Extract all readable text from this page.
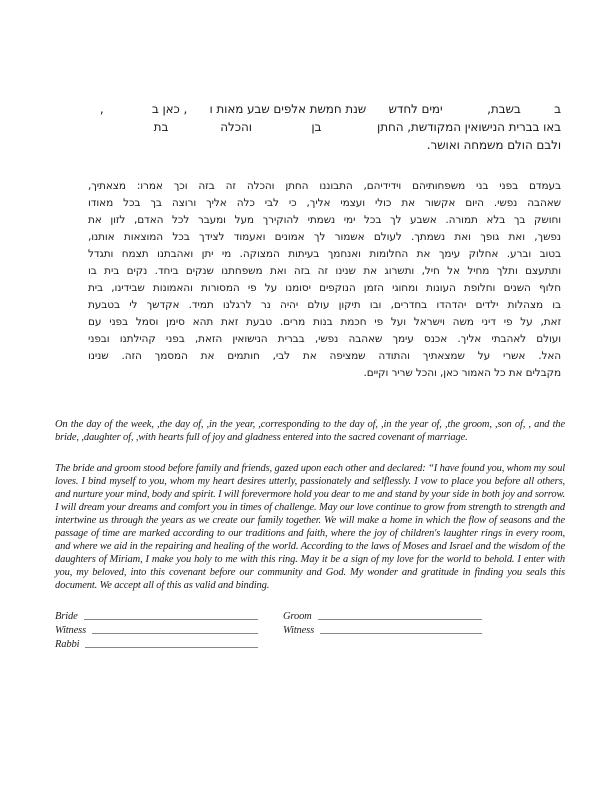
ב         בשבת,            ימים לחדש      שנת חמשת אלפים שבע מאות ו      , כאן ב             ,
באו בברית הנישואין המקודשת, החתן               בן                והכלה              בת
ולבם הולם משמחה ואושר.
בעמדם בפני בני משפחותיהם וידידיהם, התבוננו החתן והכלה זה בזה וכך אמרו: מצאתיך,
שאהבה נפשי. היום אקשור את כולי ועצמי אליך, כי לבי כלה אליך ורוצה בך בכל מאודו
וחושק בך בלא תמורה. אשבע לך בכל ימי נשמתי להוקירך מעל ומעבר לכל האדם, לזון את
נפשך, ואת גופך ואת נשמתך. לעולם אשמור לך אמונים ואעמוד לצידך בכל המוצאות אותנו,
בטוב וברע. אחלוק עימך את החלומות ואנחמך בעיתות המצוקה. מי יתן ואהבתנו תצמח ותגדל
ותתעצם ותלך מחיל אל חיל, ותשרוג את שנינו זה בזה ואת משפחתנו שנקים ביחד. נקים בית בו
חלוף השנים וחלופת העונות ומחוגי הזמן הנוקפים יסומנו על פי המסורות והאמונות שבידינו, בית
בו מצהלות ילדים יהדהדו בחדרים, ובו תיקון עולם יהיה נר לרגלנו תמיד. אקדשך לי בטבעת
זאת, על פי דיני משה וישראל ועל פי חכמת בנות מרים. טבעת זאת תהא סימן וסמל בפני עם
ועולם לאהבתי אליך. אכנס עימך שאהבה נפשי, בברית הנישואין הזאת, בפני קהילתנו ובפני
האל. אשרי על שמצאתיך והתודה שמציפה את לבי, חותמים את המסמך הזה. שנינו
מקבלים את כל האמור כאן, והכל שריר וקיים.
On the day of the week, ,the day of, ,in the year, ,corresponding to the day of, ,in the year of, ,the groom, ,son of, , and the bride, ,daughter of, ,with hearts full of joy and gladness entered into the sacred covenant of marriage.
The bride and groom stood before family and friends, gazed upon each other and declared: “I have found you, whom my soul loves. I bind myself to you, whom my heart desires utterly, passionately and selflessly. I vow to place you before all others, and nurture your mind, body and spirit. I will forevermore hold you dear to me and stand by your side in both joy and sorrow. I will dream your dreams and comfort you in times of challenge. May our love continue to grow from strength to strength and intertwine us through the years as we create our family together. We will make a home in which the flow of seasons and the passage of time are marked according to our traditions and faith, where the joy of children's laughter rings in every room, and where we aid in the repairing and healing of the world. According to the laws of Moses and Israel and the wisdom of the daughters of Miriam, I make you holy to me with this ring. May it be a sign of my love for the world to behold. I enter with you, my beloved, into this covenant before our community and God. My wonder and gratitude in finding you seals this document. We accept all of this as valid and binding.
Bride	Groom
Witness	Witness
Rabbi
